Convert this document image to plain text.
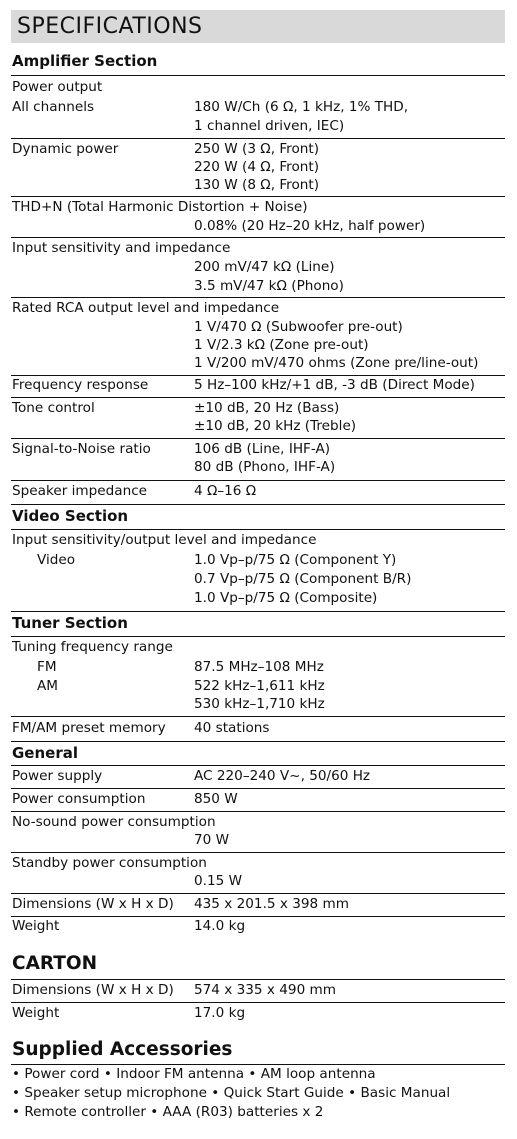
SPECIFICATIONS
Amplifier Section
Power output
All channels	180 W/Ch (6 Ω, 1 kHz, 1% THD,
1 channel driven, IEC)
Dynamic power	250 W (3 Ω, Front)
220 W (4 Ω, Front)
130 W (8 Ω, Front)
THD+N (Total Harmonic Distortion + Noise)
0.08% (20 Hz–20 kHz, half power)
Input sensitivity and impedance
200 mV/47 kΩ (Line)
3.5 mV/47 kΩ (Phono)
Rated RCA output level and impedance
1 V/470 Ω (Subwoofer pre-out)
1 V/2.3 kΩ (Zone pre-out)
1 V/200 mV/470 ohms (Zone pre/line-out)
Frequency response	5 Hz–100 kHz/+1 dB, -3 dB (Direct Mode)
Tone control	±10 dB, 20 Hz (Bass)
±10 dB, 20 kHz (Treble)
Signal-to-Noise ratio	106 dB (Line, IHF-A)
80 dB (Phono, IHF-A)
Speaker impedance	4 Ω–16 Ω
Video Section
Input sensitivity/output level and impedance
Video	1.0 Vp–p/75 Ω (Component Y)
0.7 Vp–p/75 Ω (Component B/R)
1.0 Vp–p/75 Ω (Composite)
Tuner Section
Tuning frequency range
FM	87.5 MHz–108 MHz
AM	522 kHz–1,611 kHz
530 kHz–1,710 kHz
FM/AM preset memory 40 stations
General
Power supply	AC 220–240 V~, 50/60 Hz
Power consumption	850 W
No-sound power consumption
70 W
Standby power consumption
0.15 W
Dimensions (W x H x D) 435 x 201.5 x 398 mm
Weight	14.0 kg
CARTON
Dimensions (W x H x D) 574 x 335 x 490 mm
Weight	17.0 kg
Supplied Accessories
• Power cord • Indoor FM antenna • AM loop antenna
• Speaker setup microphone • Quick Start Guide • Basic Manual
• Remote controller • AAA (R03) batteries x 2
